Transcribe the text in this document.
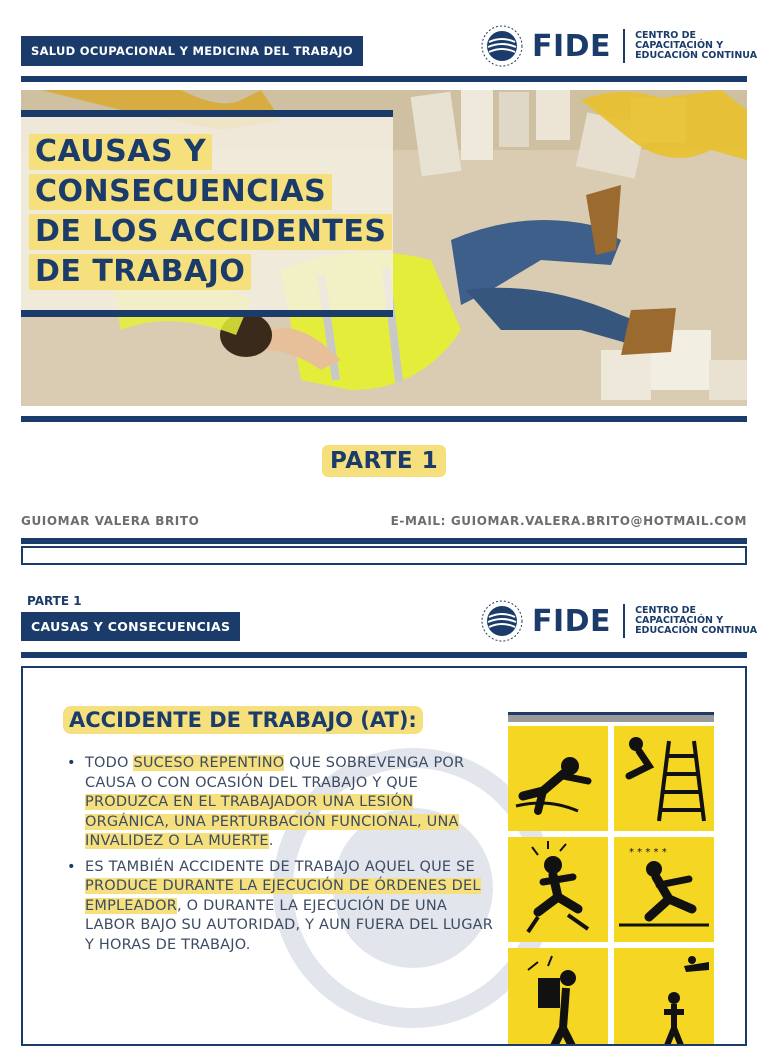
SALUD OCUPACIONAL Y MEDICINA DEL TRABAJO	FIDE	CENTRO DE
CAPACITACIÓN Y
EDUCACIÓN CONTINUA
CAUSAS Y
CONSECUENCIAS
DE LOS ACCIDENTES
DE TRABAJO
PARTE 1
GUIOMAR VALERA BRITO	E-MAIL: GUIOMAR.VALERA.BRITO@HOTMAIL.COM
PARTE 1
CAUSAS Y CONSECUENCIAS	FIDE	CENTRO DE
CAPACITACIÓN Y
EDUCACIÓN CONTINUA
ACCIDENTE DE TRABAJO (AT):
• TODO SUCESO REPENTINO QUE SOBREVENGA POR CAUSA O CON OCASIÓN DEL TRABAJO Y QUE PRODUZCA EN EL TRABAJADOR UNA LESIÓN ORGÁNICA, UNA PERTURBACIÓN FUNCIONAL, UNA INVALIDEZ O LA MUERTE.
• ES TAMBIÉN ACCIDENTE DE TRABAJO AQUEL QUE SE PRODUCE DURANTE LA EJECUCIÓN DE ÓRDENES DEL EMPLEADOR, O DURANTE LA EJECUCIÓN DE UNA LABOR BAJO SU AUTORIDAD, Y AUN FUERA DEL LUGAR Y HORAS DE TRABAJO.
* * * * *
